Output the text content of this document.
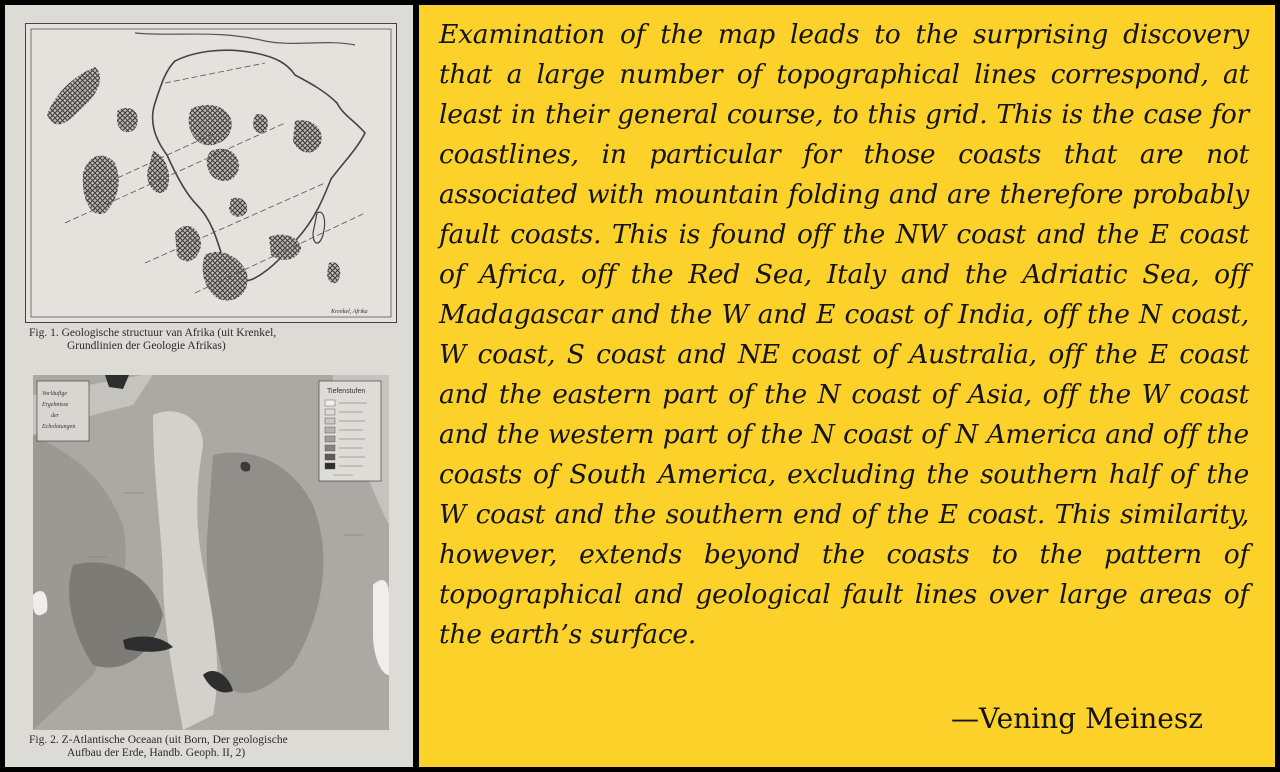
Krenkel, Afrika
Fig. 1. Geologische structuur van Afrika (uit Krenkel,
Grundlinien der Geologie Afrikas)
Vorläufige
Ergebnisse
der
Echolotungen
Tiefenstufen
Fig. 2. Z-Atlantische Oceaan (uit Born, Der geologische
Aufbau der Erde, Handb. Geoph. II, 2)
Examination of the map leads to the surprising discovery that a large number of topographical lines correspond, at least in their general course, to this grid. This is the case for coastlines, in particular for those coasts that are not associated with mountain folding and are therefore probably fault coasts. This is found off the NW coast and the E coast of Africa, off the Red Sea, Italy and the Adriatic Sea, off Madagascar and the W and E coast of India, off the N coast, W coast, S coast and NE coast of Australia, off the E coast and the eastern part of the N coast of Asia, off the W coast and the western part of the N coast of N America and off the coasts of South America, excluding the southern half of the W coast and the southern end of the E coast. This similarity, however, extends beyond the coasts to the pattern of topographical and geological fault lines over large areas of the earth’s surface.
—Vening Meinesz
